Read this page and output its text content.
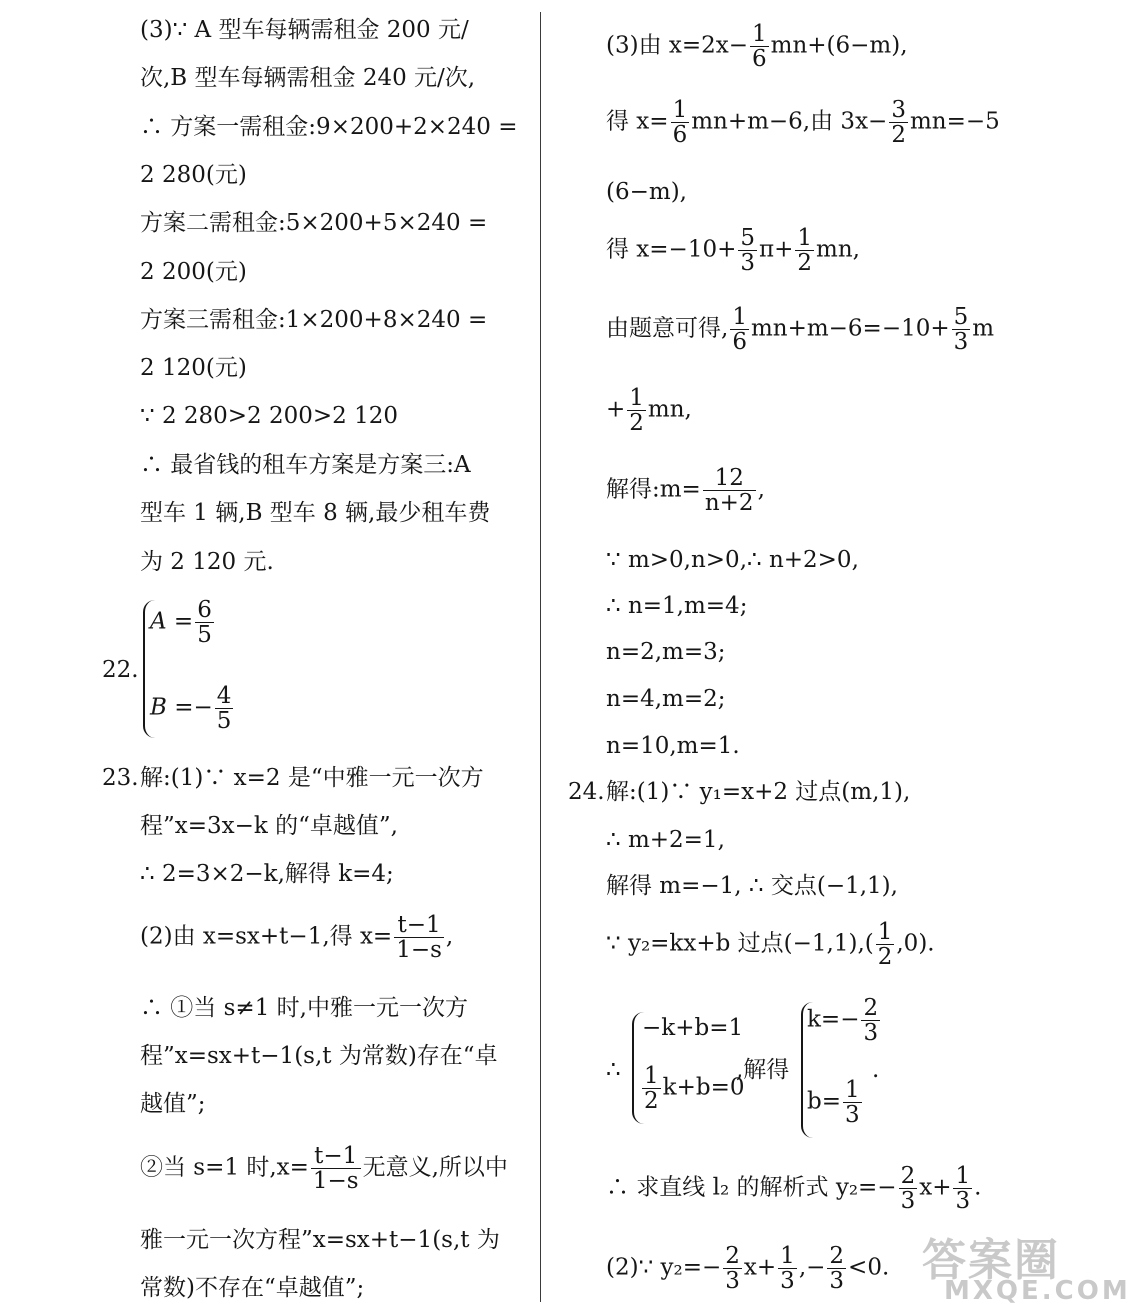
(3)∵ A 型车每辆需租金 200 元/
次,B 型车每辆需租金 240 元/次,
∴ 方案一需租金:9×200+2×240 =
2 280(元)
方案二需租金:5×200+5×240 =
2 200(元)
方案三需租金:1×200+8×240 =
2 120(元)
∵ 2 280>2 200>2 120
∴ 最省钱的租车方案是方案三:A
型车 1 辆,B 型车 8 辆,最少租车费
为 2 120 元.
22.
$A = \frac{6}{5}$
$B =- \frac{4}{5}$
23. 解:(1)∵ x=2 是“中雅一元一次方
程”x=3x−k 的“卓越值”,
∴ 2=3×2−k,解得 k=4;
(2)由 x=sx+t−1,得 $x= \frac{t-1}{1-s}$ ,
∴ ①当 s≠1 时,中雅一元一次方
程”x=sx+t−1(s,t 为常数)存在“卓
越值”;
②当 s=1 时$,x= \frac{t-1}{1-s}$ 无意义,所以中
雅一元一次方程”x=sx+t−1(s,t 为
常数)不存在“卓越值”;
(3)由 $x=2x- \frac{1}{6} mn+(6-m)$,
得 $x= \frac{1}{6} mn+m-6$,由 $3x- \frac{3}{2} mn=-5$
(6−m),
得 $x=-10+ \frac{5}{3} \pi+ \frac{1}{2}$ mn,
由题意可得, $\frac{1}{6} mn+m-6=-10+ \frac{5}{3}$ m
+ $\frac{1}{2}$ mn,
解得:m= $\frac{12}{n+2}$ ,
∵ m>0,n>0,∴ n+2>0,
∴ n=1,m=4;
n=2,m=3;
n=4,m=2;
n=10,m=1.
24. 解:(1)∵ y₁=x+2 过点(m,1),
∴ m+2=1,
解得 m=−1, ∴ 交点(−1,1),
∵ y₂=kx+b 过点$(-1,1),( \frac{1}{2} ,0)$.
∴
−k+b=1
$\frac{1}{2} k+b=0$
,解得
$k=- \frac{2}{3}$
$b= \frac{1}{3}$
.
∴ 求直线 l₂ 的解析式 $y_2=- \frac{2}{3} x+ \frac{1}{3}$ .
(2)∵ $y_2=- \frac{2}{3} x+ \frac{1}{3}$ ,− $\frac{2}{3} <0$. 答案圈
MXQE.COM
